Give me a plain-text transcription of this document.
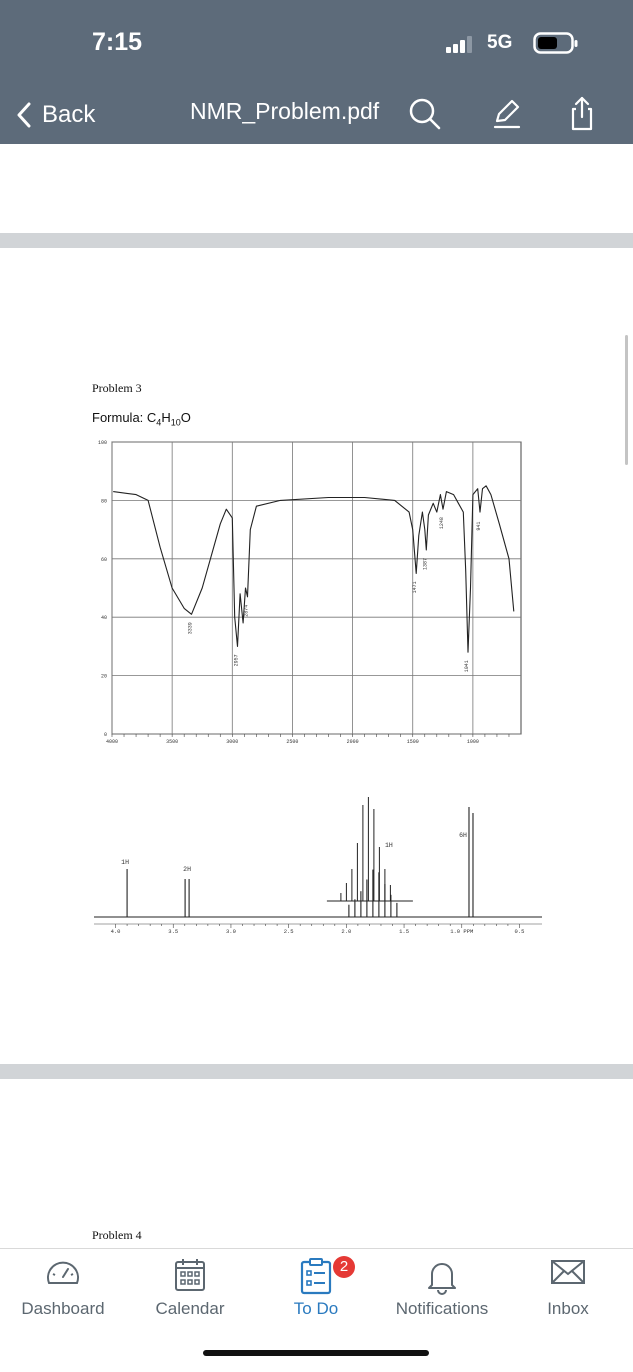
7:15	5G
Back	NMR_Problem.pdf
Problem 3
Formula: $C_4H_{10}O$
100
80
60
40
20
0
4000	3500	3000	2500	2000	1500	1000
3339
2957
2874
1471
1387
1248
1041
941
4.0	3.5	3.0	2.5	2.0	1.5	1.0 PPM	0.5
1H
2H
1H
6H
Problem 4
Dashboard	Calendar	To Do	Notifications	Inbox
2
